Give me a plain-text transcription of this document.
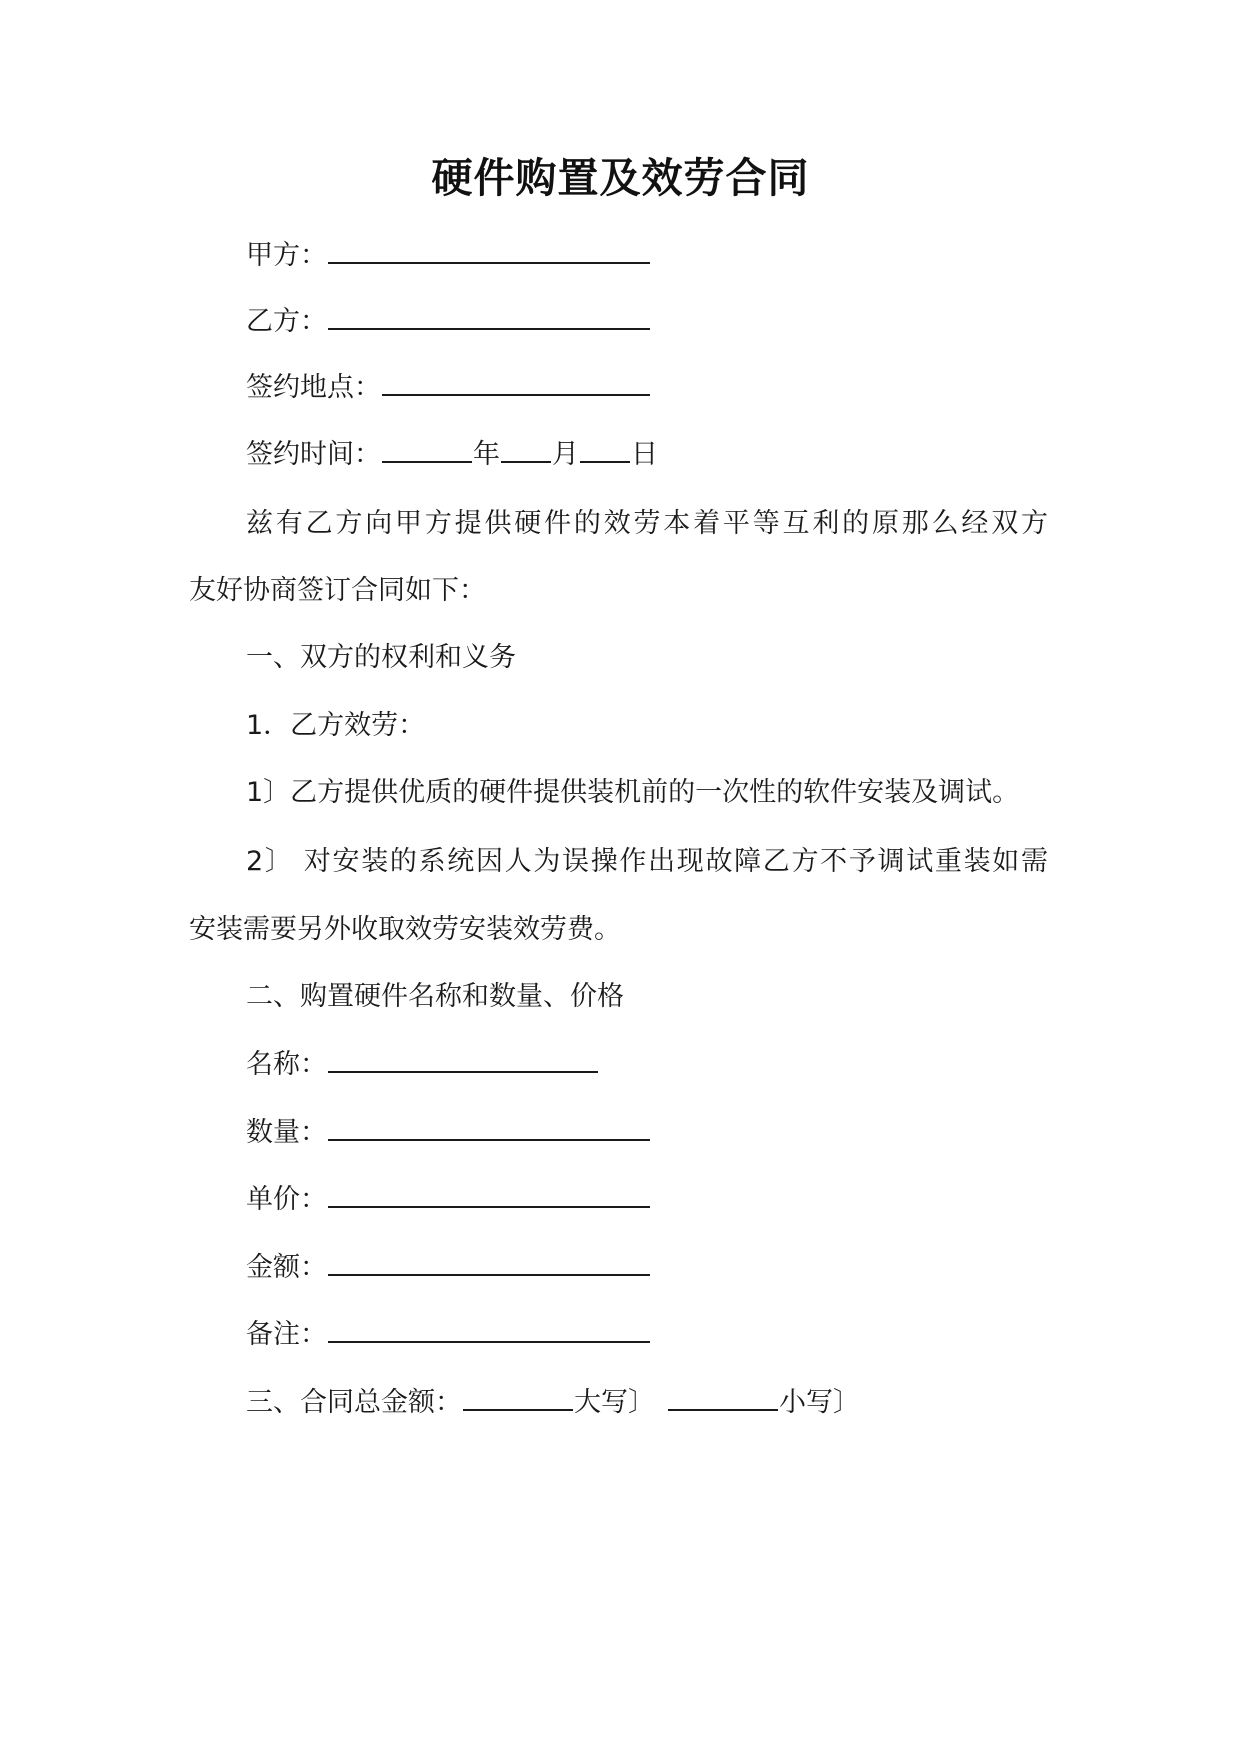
硬件购置及效劳合同
甲方：
乙方：
签约地点：
签约时间：	年 月 日
兹有乙方向甲方提供硬件的效劳本着平等互利的原那么经双方
友好协商签订合同如下：
一、双方的权利和义务
1．乙方效劳：
1〕乙方提供优质的硬件提供装机前的一次性的软件安装及调试。
2〕 对安装的系统因人为误操作出现故障乙方不予调试重装如需
安装需要另外收取效劳安装效劳费。
二、购置硬件名称和数量、价格
名称：
数量：
单价：
金额：
备注：
三、合同总金额：	大写〕	小写〕
